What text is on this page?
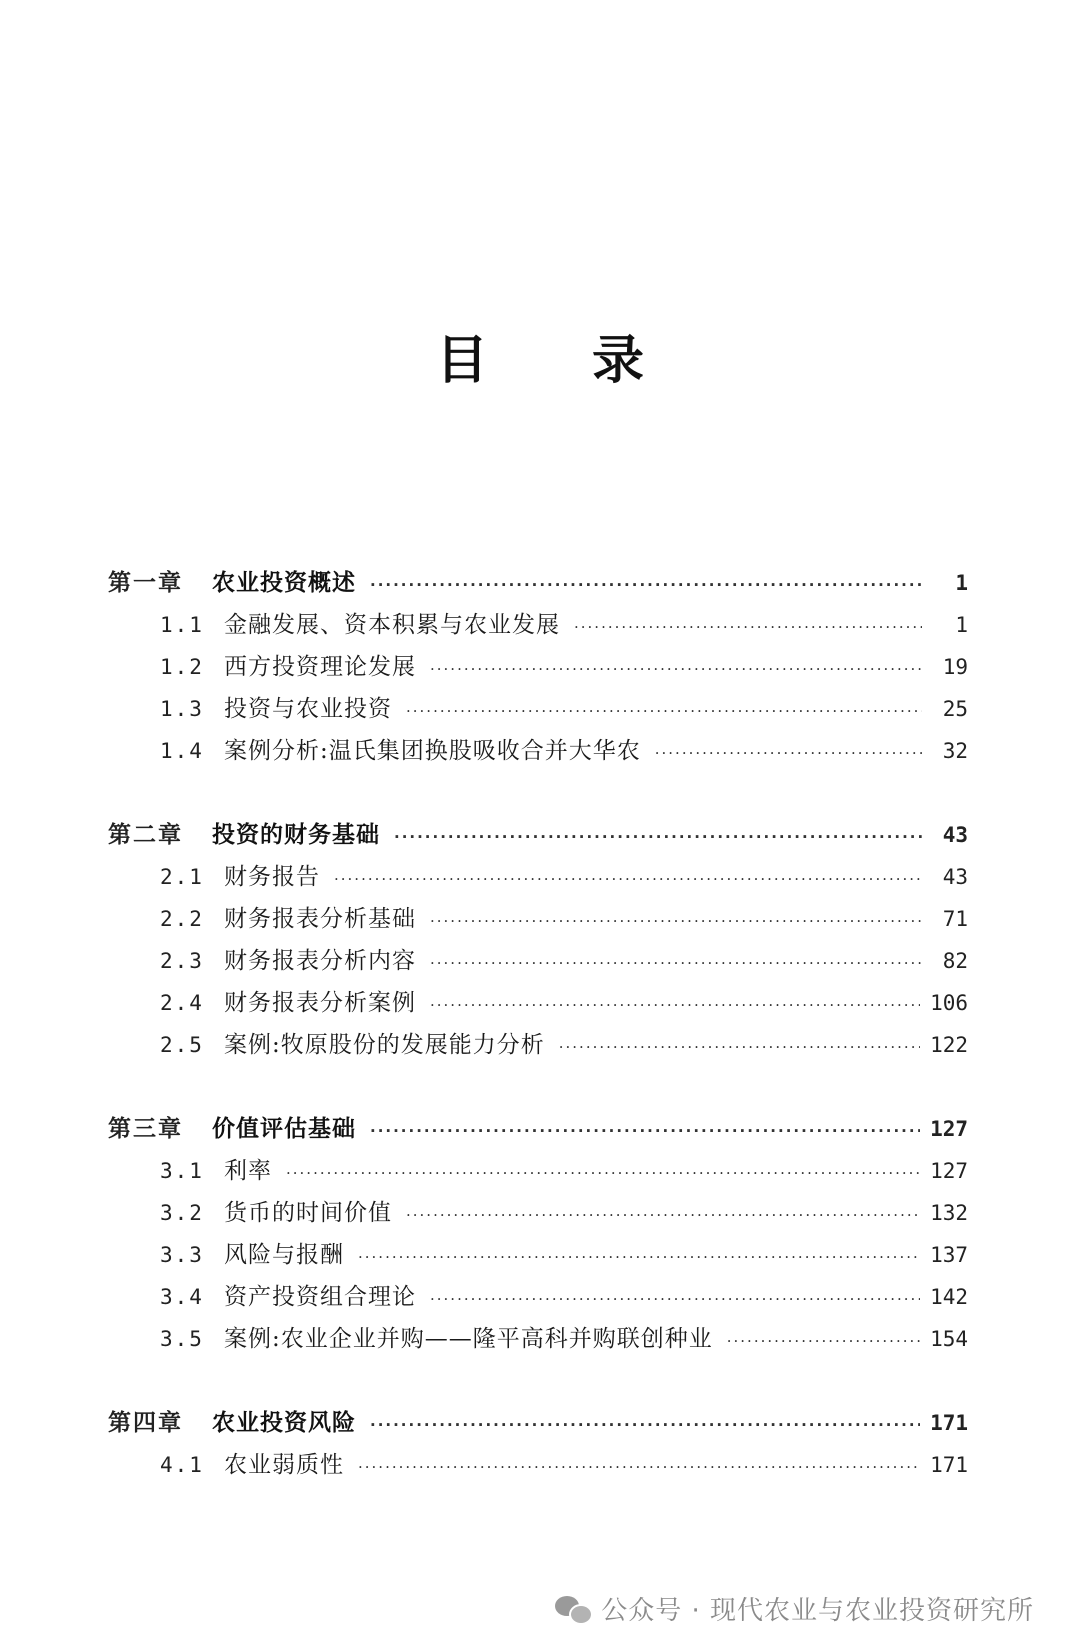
目 录
第一章	农业投资概述 ·····	1
1.1 金融发展、资本积累与农业发展 ·····	1
1.2 西方投资理论发展 ·····	19
1.3 投资与农业投资 ·····	25
1.4 案例分析:温氏集团换股吸收合并大华农 ·····	32
第二章	投资的财务基础 ·····	43
2.1 财务报告 ·····	43
2.2 财务报表分析基础 ·····	71
2.3 财务报表分析内容 ·····	82
2.4 财务报表分析案例 ·····	106
2.5 案例:牧原股份的发展能力分析 ·····	122
第三章	价值评估基础 ·····	127
3.1 利率 ·····	127
3.2 货币的时间价值 ·····	132
3.3 风险与报酬 ·····	137
3.4 资产投资组合理论 ·····	142
3.5 案例:农业企业并购——隆平高科并购联创种业 ·····	154
第四章	农业投资风险 ·····	171
4.1 农业弱质性 ·····	171
公众号 · 现代农业与农业投资研究所
